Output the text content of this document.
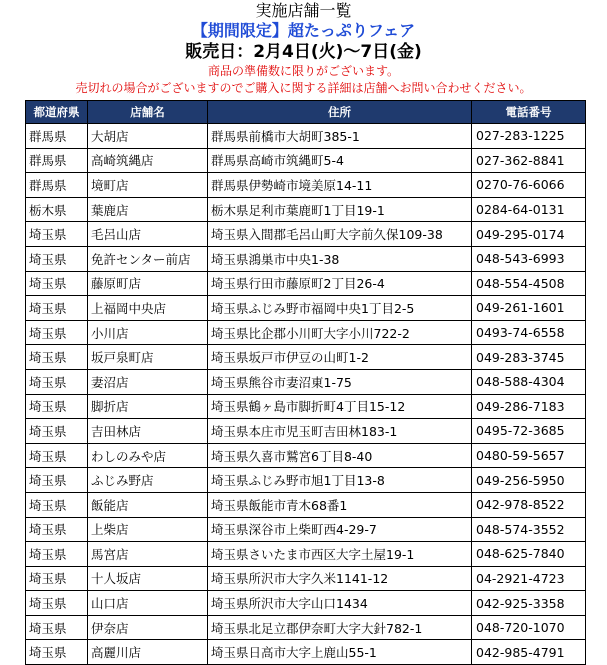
実施店舗一覧
【期間限定】超たっぷりフェア
販売日：2月4日(火)～7日(金)
商品の準備数に限りがございます。
売切れの場合がございますのでご購入に関する詳細は店舗へお問い合わせください。
都道府県	店舗名	住所	電話番号
群馬県	大胡店	群馬県前橋市大胡町385-1	027-283-1225
群馬県	高崎筑縄店	群馬県高崎市筑縄町5-4	027-362-8841
群馬県	境町店	群馬県伊勢崎市境美原14-11	0270-76-6066
栃木県	葉鹿店	栃木県足利市葉鹿町1丁目19-1	0284-64-0131
埼玉県	毛呂山店	埼玉県入間郡毛呂山町大字前久保109-38	049-295-0174
埼玉県	免許センター前店	埼玉県鴻巣市中央1-38	048-543-6993
埼玉県	藤原町店	埼玉県行田市藤原町2丁目26-4	048-554-4508
埼玉県	上福岡中央店	埼玉県ふじみ野市福岡中央1丁目2-5	049-261-1601
埼玉県	小川店	埼玉県比企郡小川町大字小川722-2	0493-74-6558
埼玉県	坂戸泉町店	埼玉県坂戸市伊豆の山町1-2	049-283-3745
埼玉県	妻沼店	埼玉県熊谷市妻沼東1-75	048-588-4304
埼玉県	脚折店	埼玉県鶴ヶ島市脚折町4丁目15-12	049-286-7183
埼玉県	吉田林店	埼玉県本庄市児玉町吉田林183-1	0495-72-3685
埼玉県	わしのみや店	埼玉県久喜市鷲宮6丁目8-40	0480-59-5657
埼玉県	ふじみ野店	埼玉県ふじみ野市旭1丁目13-8	049-256-5950
埼玉県	飯能店	埼玉県飯能市青木68番1	042-978-8522
埼玉県	上柴店	埼玉県深谷市上柴町西4-29-7	048-574-3552
埼玉県	馬宮店	埼玉県さいたま市西区大字土屋19-1	048-625-7840
埼玉県	十人坂店	埼玉県所沢市大字久米1141-12	04-2921-4723
埼玉県	山口店	埼玉県所沢市大字山口1434	042-925-3358
埼玉県	伊奈店	埼玉県北足立郡伊奈町大字大針782-1	048-720-1070
埼玉県	高麗川店	埼玉県日高市大字上鹿山55-1	042-985-4791
